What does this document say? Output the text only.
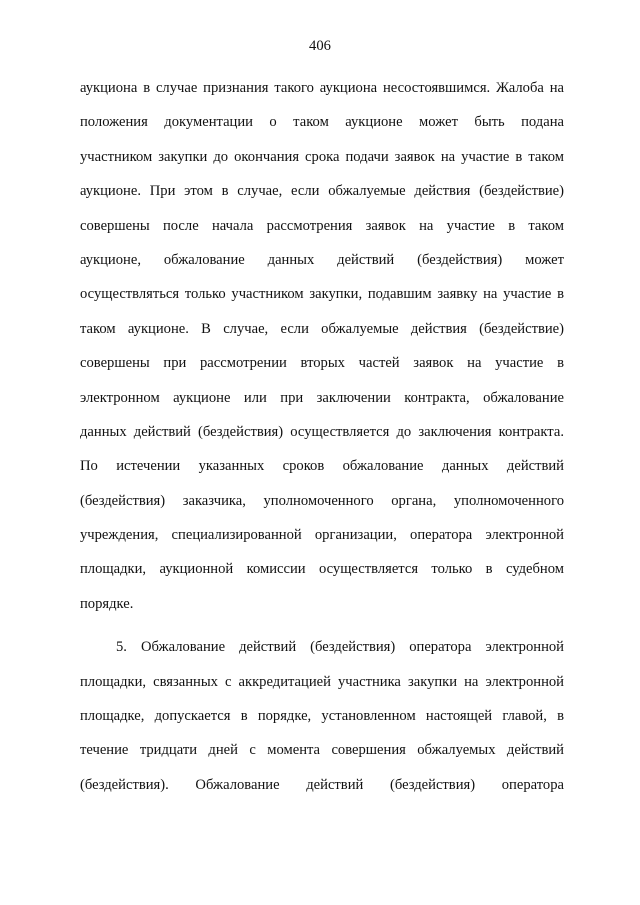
406
аукциона в случае признания такого аукциона несостоявшимся. Жалоба на
положения документации о таком аукционе может быть подана
участником закупки до окончания срока подачи заявок на участие в таком
аукционе. При этом в случае, если обжалуемые действия (бездействие)
совершены после начала рассмотрения заявок на участие в таком
аукционе, обжалование данных действий (бездействия) может
осуществляться только участником закупки, подавшим заявку на участие в
таком аукционе. В случае, если обжалуемые действия (бездействие)
совершены при рассмотрении вторых частей заявок на участие в
электронном аукционе или при заключении контракта, обжалование
данных действий (бездействия) осуществляется до заключения контракта.
По истечении указанных сроков обжалование данных действий
(бездействия) заказчика, уполномоченного органа, уполномоченного
учреждения, специализированной организации, оператора электронной
площадки, аукционной комиссии осуществляется только в судебном
порядке.
5. Обжалование действий (бездействия) оператора электронной
площадки, связанных с аккредитацией участника закупки на электронной
площадке, допускается в порядке, установленном настоящей главой, в
течение тридцати дней с момента совершения обжалуемых действий
(бездействия). Обжалование действий (бездействия) оператора
